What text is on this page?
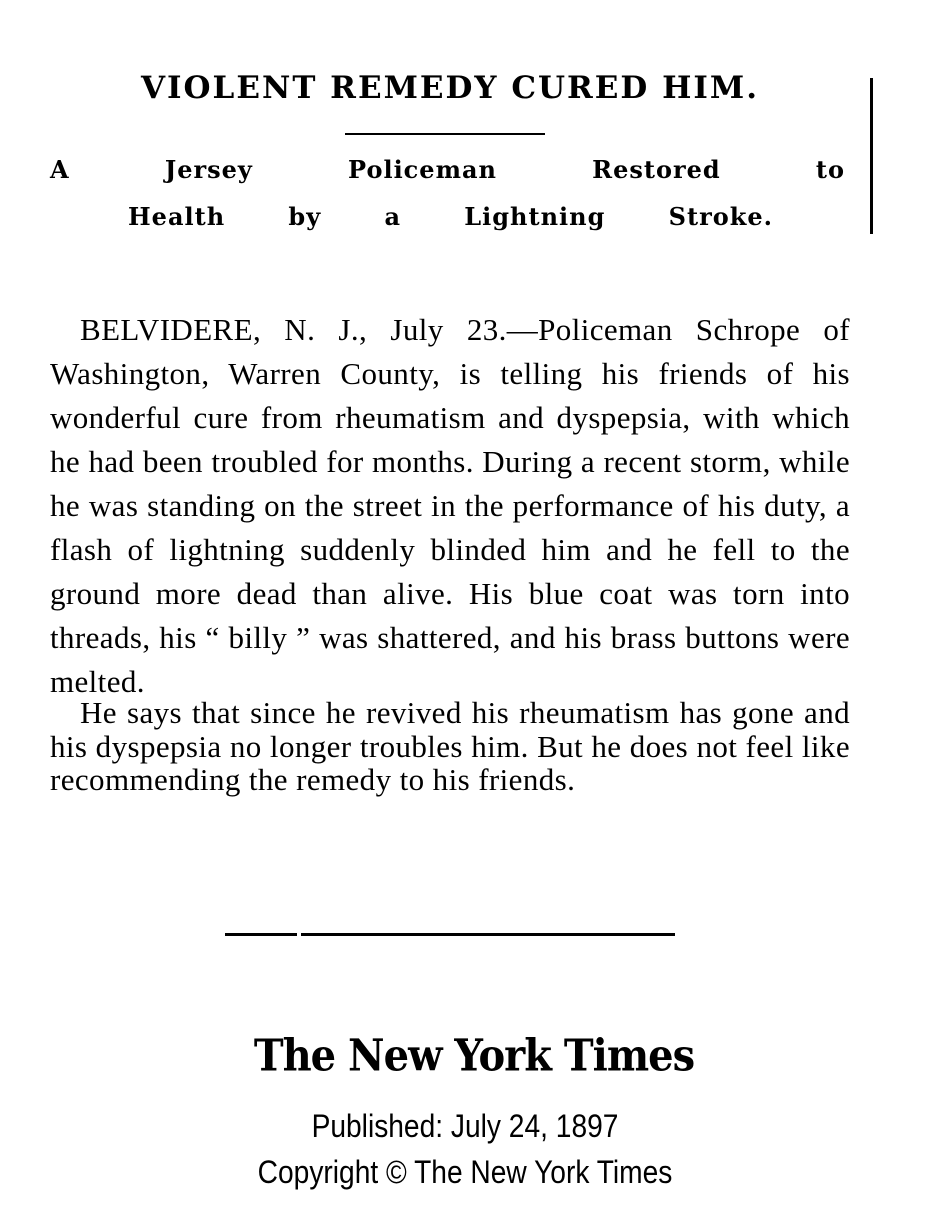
VIOLENT REMEDY CURED HIM.
A Jersey Policeman Restored to
Health by a Lightning Stroke.

BELVIDERE, N. J., July 23.—Policeman Schrope of Washington, Warren County, is telling his friends of his wonderful cure from rheumatism and dyspepsia, with which he had been troubled for months. During a recent storm, while he was standing on the street in the performance of his duty, a flash of lightning suddenly blinded him and he fell to the ground more dead than alive. His blue coat was torn into threads, his “ billy ” was shattered, and his brass buttons were melted.

He says that since he revived his rheumatism has gone and his dyspepsia no longer troubles him. But he does not feel like recommending the remedy to his friends.

The New York Times
Published: July 24, 1897
Copyright © The New York Times
